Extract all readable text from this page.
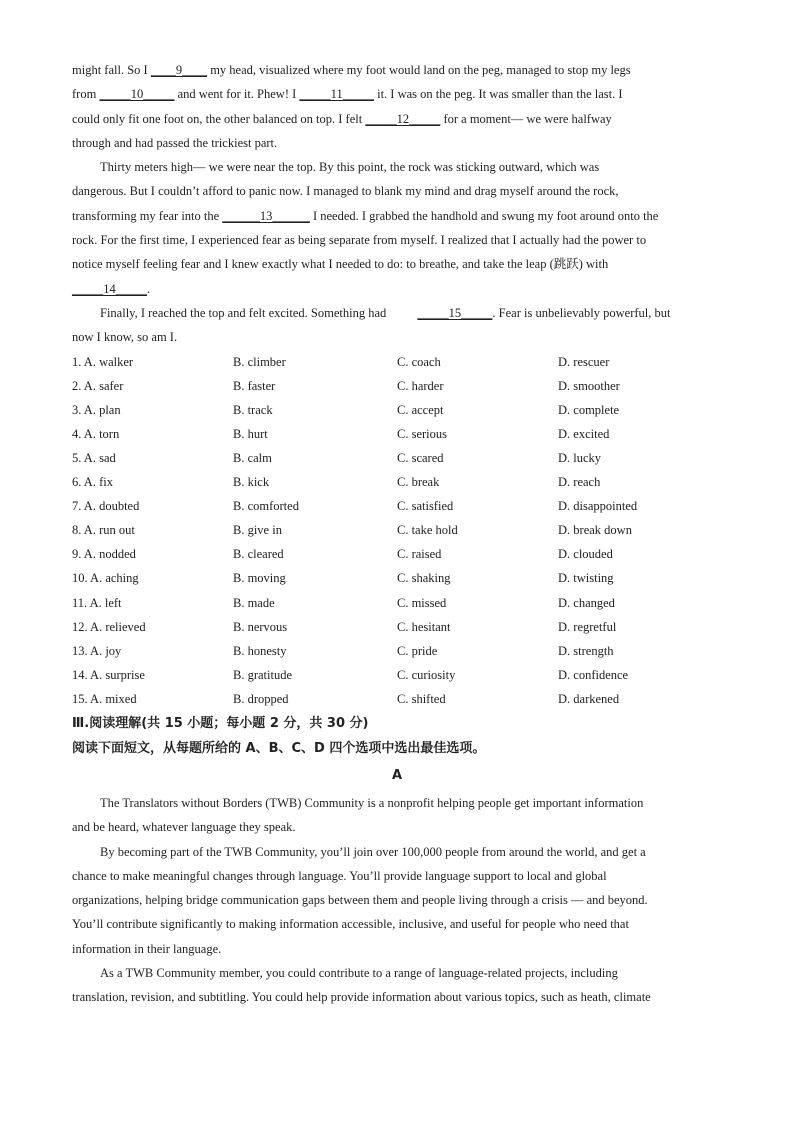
might fall. So I ____9____ my head, visualized where my foot would land on the peg, managed to stop my legs

from _____10_____ and went for it. Phew! I _____11_____ it. I was on the peg. It was smaller than the last. I

could only fit one foot on, the other balanced on top. I felt _____12_____ for a moment— we were halfway

through and had passed the trickiest part.

Thirty meters high— we were near the top. By this point, the rock was sticking outward, which was

dangerous. But I couldn’t afford to panic now. I managed to blank my mind and drag myself around the rock,

transforming my fear into the ______13______ I needed. I grabbed the handhold and swung my foot around onto the

rock. For the first time, I experienced fear as being separate from myself. I realized that I actually had the power to

notice myself feeling fear and I knew exactly what I needed to do: to breathe, and take the leap (跳跃) with

_____14_____.

Finally, I reached the top and felt excited. Something had _____15_____. Fear is unbelievably powerful, but

now I know, so am I.

1. A. walker	B. climber	C. coach	D. rescuer
2. A. safer	B. faster	C. harder	D. smoother
3. A. plan	B. track	C. accept	D. complete
4. A. torn	B. hurt	C. serious	D. excited
5. A. sad	B. calm	C. scared	D. lucky
6. A. fix	B. kick	C. break	D. reach
7. A. doubted	B. comforted	C. satisfied	D. disappointed
8. A. run out	B. give in	C. take hold	D. break down
9. A. nodded	B. cleared	C. raised	D. clouded
10. A. aching	B. moving	C. shaking	D. twisting
11. A. left	B. made	C. missed	D. changed
12. A. relieved	B. nervous	C. hesitant	D. regretful
13. A. joy	B. honesty	C. pride	D. strength
14. A. surprise	B. gratitude	C. curiosity	D. confidence
15. A. mixed	B. dropped	C. shifted	D. darkened

Ⅲ.阅读理解(共 15 小题；每小题 2 分，共 30 分)

阅读下面短文，从每题所给的 A、B、C、D 四个选项中选出最佳选项。

A

The Translators without Borders (TWB) Community is a nonprofit helping people get important information

and be heard, whatever language they speak.

By becoming part of the TWB Community, you’ll join over 100,000 people from around the world, and get a

chance to make meaningful changes through language. You’ll provide language support to local and global

organizations, helping bridge communication gaps between them and people living through a crisis — and beyond.

You’ll contribute significantly to making information accessible, inclusive, and useful for people who need that

information in their language.

As a TWB Community member, you could contribute to a range of language-related projects, including

translation, revision, and subtitling. You could help provide information about various topics, such as heath, climate
